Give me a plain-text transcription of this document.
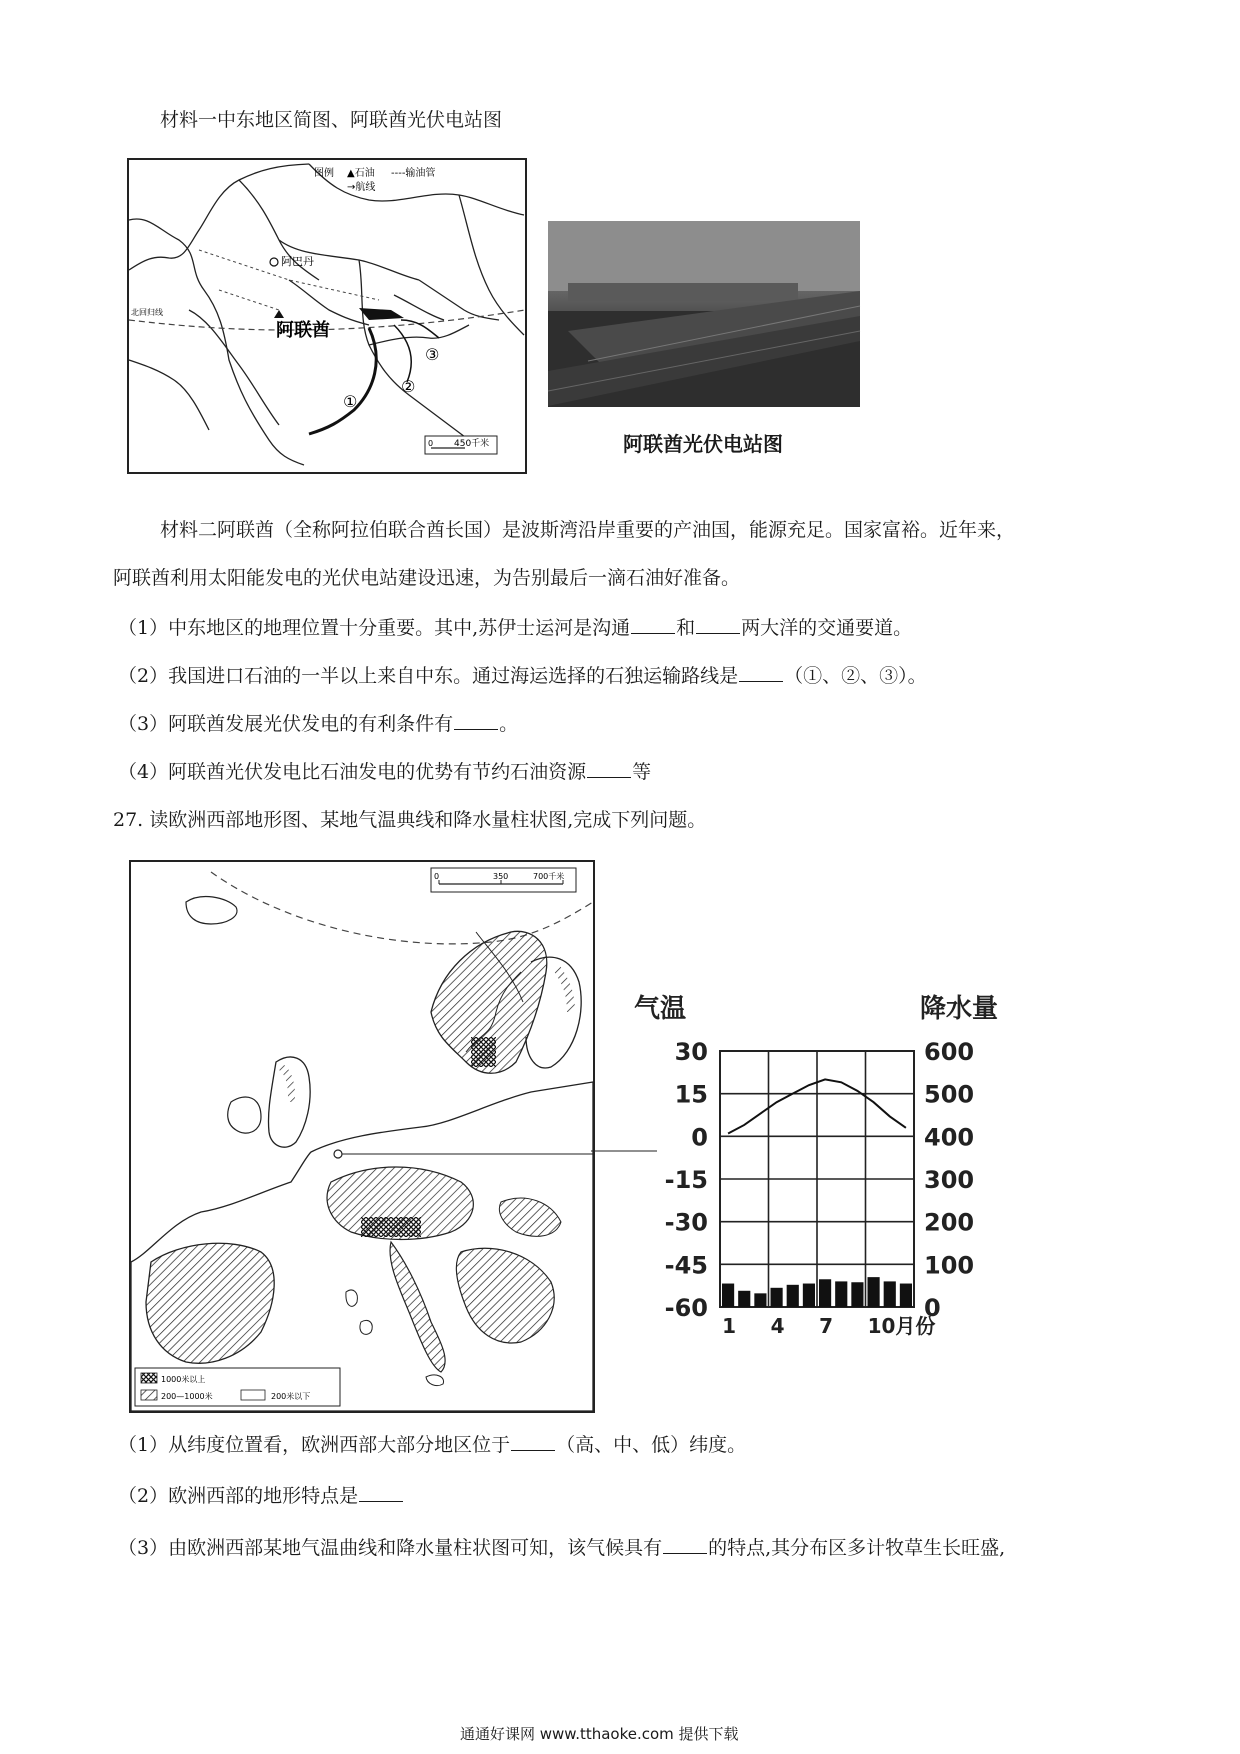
材料一中东地区简图、阿联酋光伏电站图
图例 ▲石油 ----输油管
→航线
阿巴丹
阿联酋
北回归线
①
②
③
0 450千米	阿联酋光伏电站图
材料二阿联酋（全称阿拉伯联合酋长国）是波斯湾沿岸重要的产油国，能源充足。国家富裕。近年来，
阿联酋利用太阳能发电的光伏电站建设迅速，为告别最后一滴石油好准备。
（1）中东地区的地理位置十分重要。其中,苏伊士运河是沟通 和 两大洋的交通要道。
（2）我国进口石油的一半以上来自中东。通过海运选择的石独运输路线是 （①、②、③）。
（3）阿联酋发展光伏发电的有利条件有 。
（4）阿联酋光伏发电比石油发电的优势有节约石油资源 等
27. 读欧洲西部地形图、某地气温典线和降水量柱状图,完成下列问题。
0	350	700千米
1000米以上
200—1000米	200米以下
气温	降水量
30
15
0
-15
-30
-45
-60
600
500
400
300
200
100
0
1 4 7 10月份
（1）从纬度位置看，欧洲西部大部分地区位于 （高、中、低）纬度。
（2）欧洲西部的地形特点是
（3）由欧洲西部某地气温曲线和降水量柱状图可知，该气候具有 的特点,其分布区多计牧草生长旺盛,
通通好课网 www.tthaoke.com 提供下载
